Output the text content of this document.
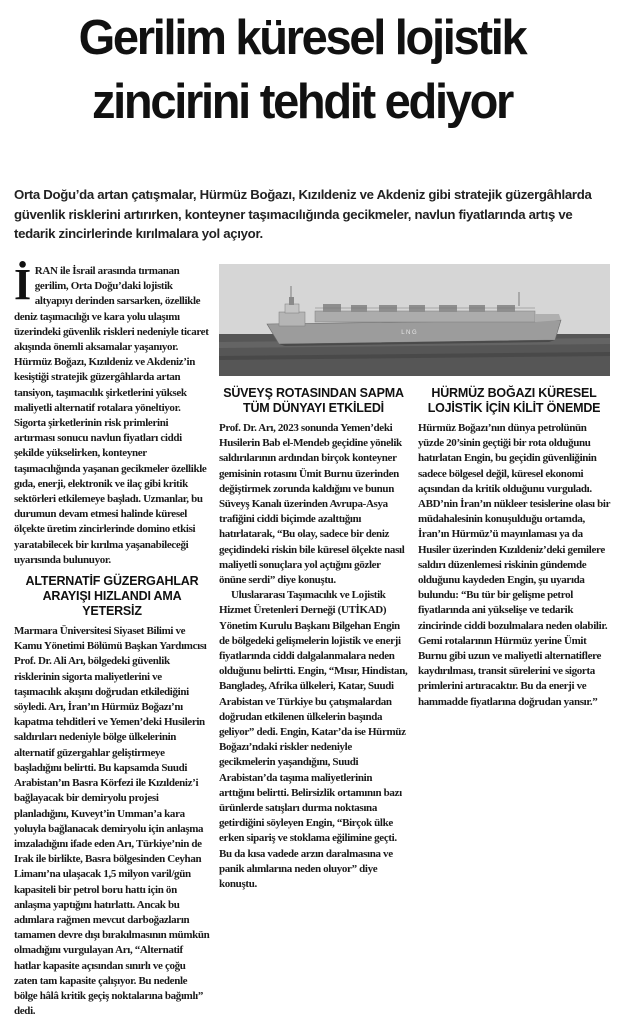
Gerilim küresel lojistik
zincirini tehdit ediyor
Orta Doğu’da artan çatışmalar, Hürmüz Boğazı, Kızıldeniz ve Akdeniz gibi stratejik güzergâhlarda güvenlik risklerini artırırken, konteyner taşımacılığında gecikmeler, navlun fiyatlarında artış ve tedarik zincirlerinde kırılmalara yol açıyor.

İRAN ile İsrail arasında tırmanan gerilim, Orta Doğu’daki lojistik altyapıyı derinden sarsarken, özellikle deniz taşımacılığı ve kara yolu ulaşımı üzerindeki güvenlik riskleri nedeniyle ticaret akışında önemli aksamalar yaşanıyor. Hürmüz Boğazı, Kızıldeniz ve Akdeniz’in kesiştiği stratejik güzergâhlarda artan tansiyon, taşımacılık şirketlerini yüksek maliyetli alternatif rotalara yöneltiyor. Sigorta şirketlerinin risk primlerini artırması sonucu navlun fiyatları ciddi şekilde yükselirken, konteyner taşımacılığında yaşanan gecikmeler özellikle gıda, enerji, elektronik ve ilaç gibi kritik sektörleri etkilemeye başladı. Uzmanlar, bu durumun devam etmesi halinde küresel ölçekte üretim zincirlerinde domino etkisi yaratabilecek bir kırılma yaşanabileceği uyarısında bulunuyor.

ALTERNATİF GÜZERGAHLAR ARAYIŞI HIZLANDI AMA YETERSİZ

Marmara Üniversitesi Siyaset Bilimi ve Kamu Yönetimi Bölümü Başkan Yardımcısı Prof. Dr. Ali Arı, bölgedeki güvenlik risklerinin sigorta maliyetlerini ve taşımacılık akışını doğrudan etkilediğini söyledi. Arı, İran’ın Hürmüz Boğazı’nı kapatma tehditleri ve Yemen’deki Husilerin saldırıları nedeniyle bölge ülkelerinin alternatif güzergahlar geliştirmeye başladığını belirtti. Bu kapsamda Suudi Arabistan’ın Basra Körfezi ile Kızıldeniz’i bağlayacak bir demiryolu projesi planladığını, Kuveyt’in Umman’a kara yoluyla bağlanacak demiryolu için anlaşma imzaladığını ifade eden Arı, Türkiye’nin de Irak ile birlikte, Basra bölgesinden Ceyhan Limanı’na ulaşacak 1,5 milyon varil/gün kapasiteli bir petrol boru hattı için ön anlaşma yaptığını hatırlattı. Ancak bu adımlara rağmen mevcut darboğazların tamamen devre dışı bırakılmasının mümkün olmadığını vurgulayan Arı, “Alternatif hatlar kapasite açısından sınırlı ve çoğu zaten tam kapasite çalışıyor. Bu nedenle bölge hâlâ kritik geçiş noktalarına bağımlı” dedi.

L N G
SÜVEYŞ ROTASINDAN SAPMA TÜM DÜNYAYI ETKİLEDİ

Prof. Dr. Arı, 2023 sonunda Yemen’deki Husilerin Bab el-Mendeb geçidine yönelik saldırılarının ardından birçok konteyner gemisinin rotasını Ümit Burnu üzerinden değiştirmek zorunda kaldığını ve bunun Süveyş Kanalı üzerinden Avrupa-Asya trafiğini ciddi biçimde azalttığını hatırlatarak, “Bu olay, sadece bir deniz geçidindeki riskin bile küresel ölçekte nasıl maliyetli sonuçlara yol açtığını gözler önüne serdi” diye konuştu.

Uluslararası Taşımacılık ve Lojistik Hizmet Üretenleri Derneği (UTİKAD) Yönetim Kurulu Başkanı Bilgehan Engin de bölgedeki gelişmelerin lojistik ve enerji fiyatlarında ciddi dalgalanmalara neden olduğunu belirtti. Engin, “Mısır, Hindistan, Bangladeş, Afrika ülkeleri, Katar, Suudi Arabistan ve Türkiye bu çatışmalardan doğrudan etkilenen ülkelerin başında geliyor” dedi. Engin, Katar’da ise Hürmüz Boğazı’ndaki riskler nedeniyle gecikmelerin yaşandığını, Suudi Arabistan’da taşıma maliyetlerinin arttığını belirtti. Belirsizlik ortamının bazı ürünlerde satışları durma noktasına getirdiğini söyleyen Engin, “Birçok ülke erken sipariş ve stoklama eğilimine geçti. Bu da kısa vadede arzın daralmasına ve panik alımlarına neden oluyor” diye konuştu.

HÜRMÜZ BOĞAZI KÜRESEL LOJİSTİK İÇİN KİLİT ÖNEMDE

Hürmüz Boğazı’nın dünya petrolünün yüzde 20’sinin geçtiği bir rota olduğunu hatırlatan Engin, bu geçidin güvenliğinin sadece bölgesel değil, küresel ekonomi açısından da kritik olduğunu vurguladı. ABD’nin İran’ın nükleer tesislerine olası bir müdahalesinin konuşulduğu ortamda, İran’ın Hürmüz’ü mayınlaması ya da Husiler üzerinden Kızıldeniz’deki gemilere saldırı düzenlemesi riskinin gündemde olduğunu kaydeden Engin, şu uyarıda bulundu: “Bu tür bir gelişme petrol fiyatlarında ani yükselişe ve tedarik zincirinde ciddi bozulmalara neden olabilir. Gemi rotalarının Hürmüz yerine Ümit Burnu gibi uzun ve maliyetli alternatiflere kaydırılması, transit sürelerini ve sigorta primlerini artıracaktır. Bu da enerji ve hammadde fiyatlarına doğrudan yansır.”
